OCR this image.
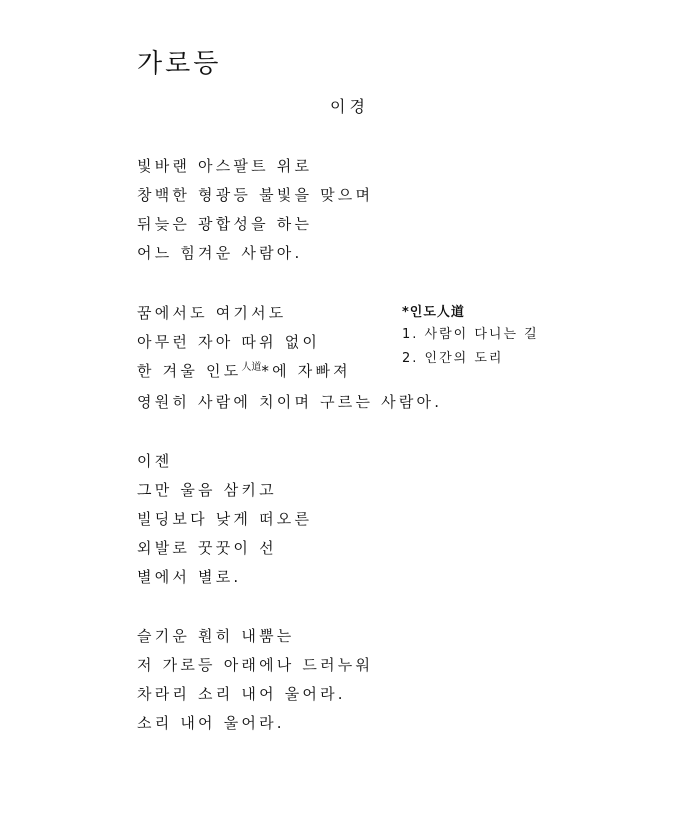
가로등
이경
빛바랜 아스팔트 위로
창백한 형광등 불빛을 맞으며
뒤늦은 광합성을 하는
어느 힘겨운 사람아.
꿈에서도 여기서도
아무런 자아 따위 없이
한 겨울 인도$^{人道}$*에 자빠져
영원히 사람에 치이며 구르는 사람아.
*인도人道
1. 사람이 다니는 길
2. 인간의 도리
이젠
그만 울음 삼키고
빌딩보다 낮게 떠오른
외발로 꿋꿋이 선
별에서 별로.
슬기운 훤히 내뿜는
저 가로등 아래에나 드러누워
차라리 소리 내어 울어라.
소리 내어 울어라.
